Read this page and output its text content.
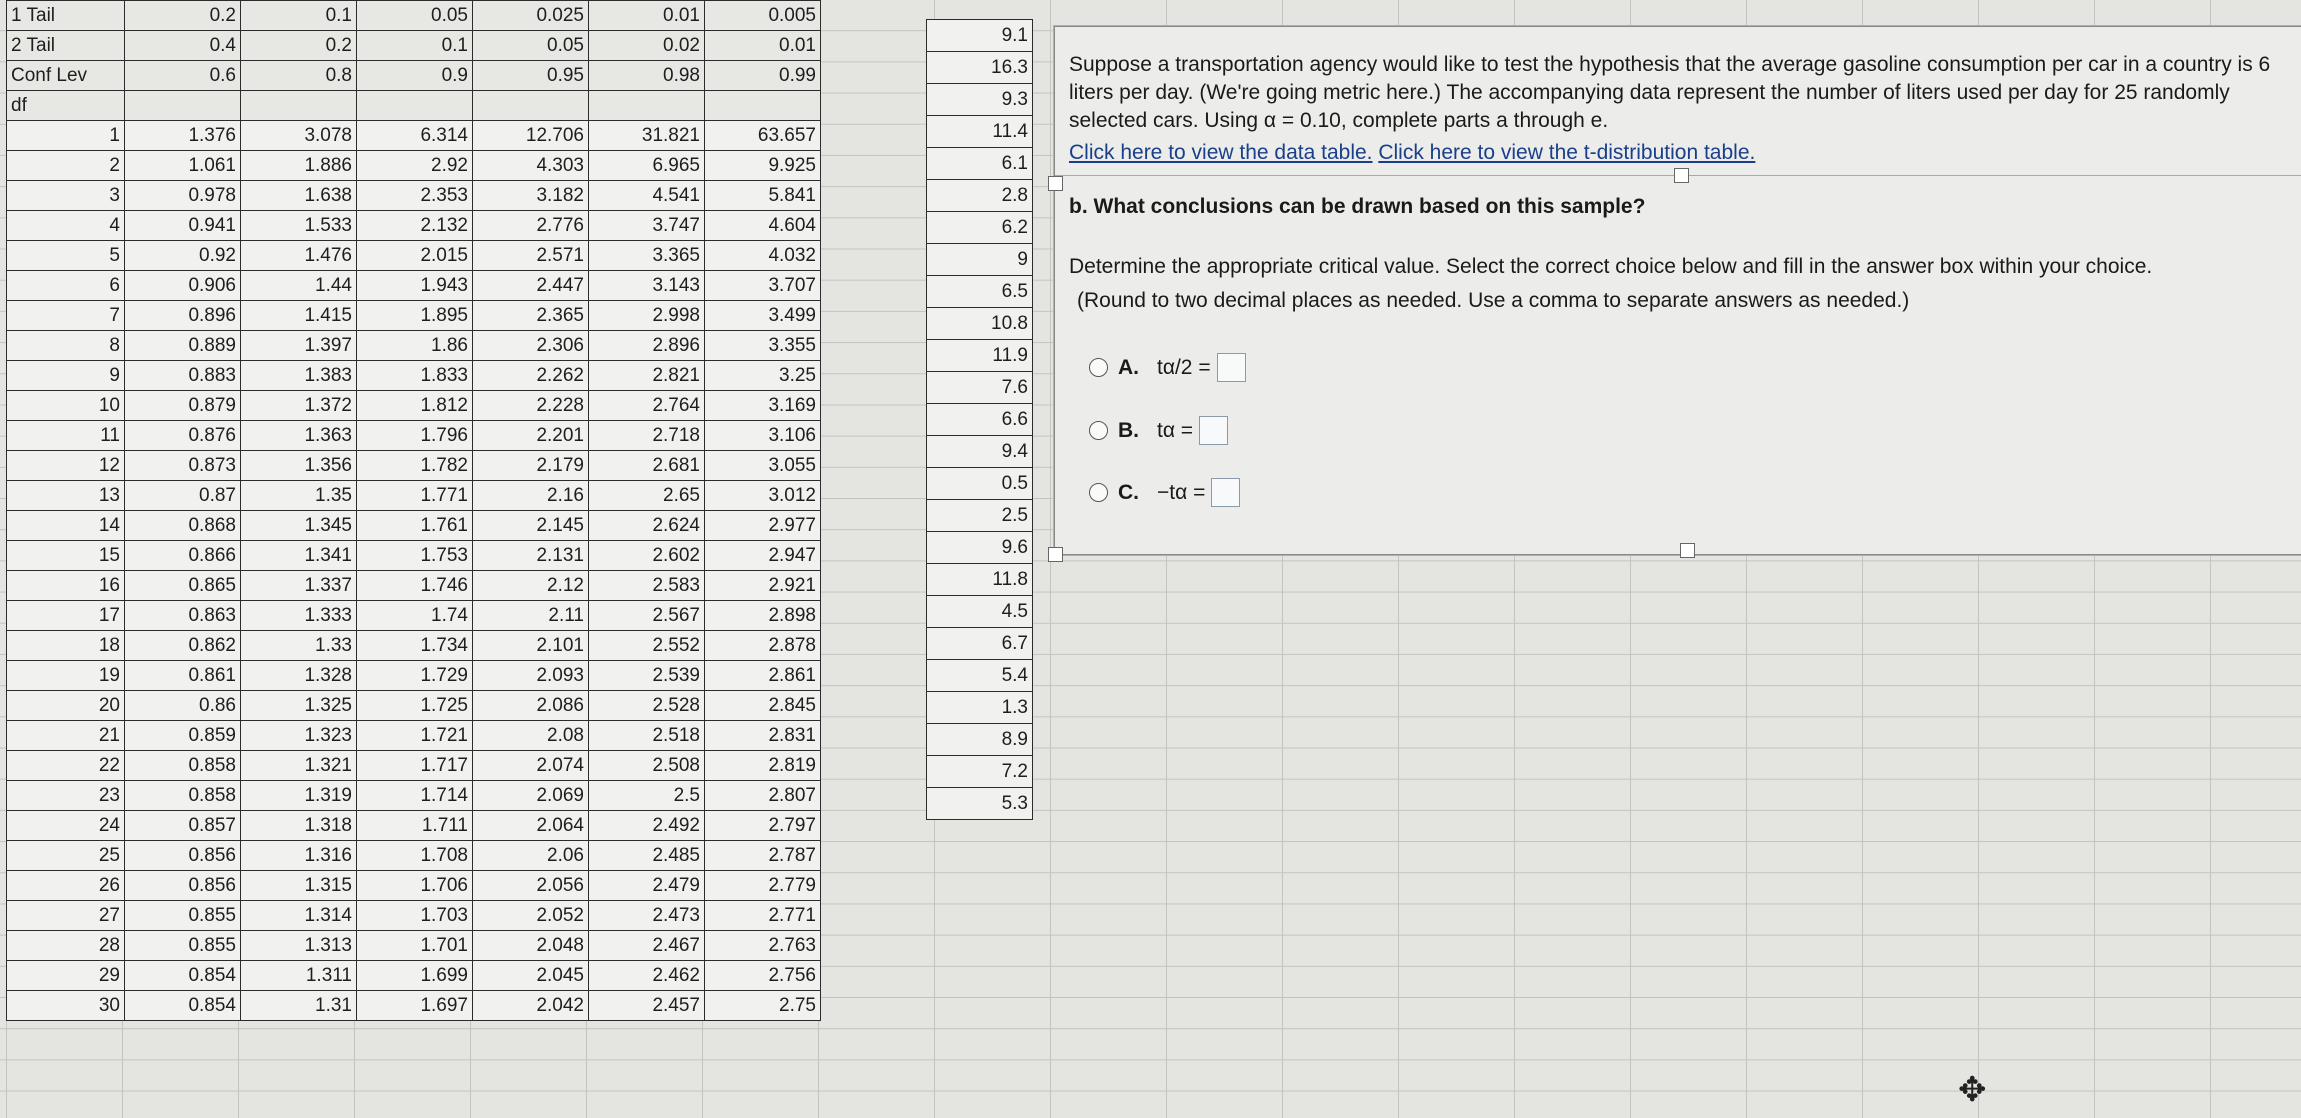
1 Tail	0.2	0.1	0.05	0.025	0.01	0.005
2 Tail	0.4	0.2	0.1	0.05	0.02	0.01
Conf Lev	0.6	0.8	0.9	0.95	0.98	0.99
df						
1	1.376	3.078	6.314	12.706	31.821	63.657
2	1.061	1.886	2.92	4.303	6.965	9.925
3	0.978	1.638	2.353	3.182	4.541	5.841
4	0.941	1.533	2.132	2.776	3.747	4.604
5	0.92	1.476	2.015	2.571	3.365	4.032
6	0.906	1.44	1.943	2.447	3.143	3.707
7	0.896	1.415	1.895	2.365	2.998	3.499
8	0.889	1.397	1.86	2.306	2.896	3.355
9	0.883	1.383	1.833	2.262	2.821	3.25
10	0.879	1.372	1.812	2.228	2.764	3.169
11	0.876	1.363	1.796	2.201	2.718	3.106
12	0.873	1.356	1.782	2.179	2.681	3.055
13	0.87	1.35	1.771	2.16	2.65	3.012
14	0.868	1.345	1.761	2.145	2.624	2.977
15	0.866	1.341	1.753	2.131	2.602	2.947
16	0.865	1.337	1.746	2.12	2.583	2.921
17	0.863	1.333	1.74	2.11	2.567	2.898
18	0.862	1.33	1.734	2.101	2.552	2.878
19	0.861	1.328	1.729	2.093	2.539	2.861
20	0.86	1.325	1.725	2.086	2.528	2.845
21	0.859	1.323	1.721	2.08	2.518	2.831
22	0.858	1.321	1.717	2.074	2.508	2.819
23	0.858	1.319	1.714	2.069	2.5	2.807
24	0.857	1.318	1.711	2.064	2.492	2.797
25	0.856	1.316	1.708	2.06	2.485	2.787
26	0.856	1.315	1.706	2.056	2.479	2.779
27	0.855	1.314	1.703	2.052	2.473	2.771
28	0.855	1.313	1.701	2.048	2.467	2.763
29	0.854	1.311	1.699	2.045	2.462	2.756
30	0.854	1.31	1.697	2.042	2.457	2.75
9.1
16.3
9.3
11.4
6.1
2.8
6.2
9
6.5
10.8
11.9
7.6
6.6
9.4
0.5
2.5
9.6
11.8
4.5
6.7
5.4
1.3
8.9
7.2
5.3
Suppose a transportation agency would like to test the hypothesis that the average gasoline consumption per car in a country is 6 liters per day. (We're going metric here.) The accompanying data represent the number of liters used per day for 25 randomly selected cars. Using α = 0.10, complete parts a through e.
Click here to view the data table. Click here to view the t-distribution table.
b. What conclusions can be drawn based on this sample?
Determine the appropriate critical value. Select the correct choice below and fill in the answer box within your choice.
(Round to two decimal places as needed. Use a comma to separate answers as needed.)
A. tα/2 =
B. tα =
C. −tα =
✥
